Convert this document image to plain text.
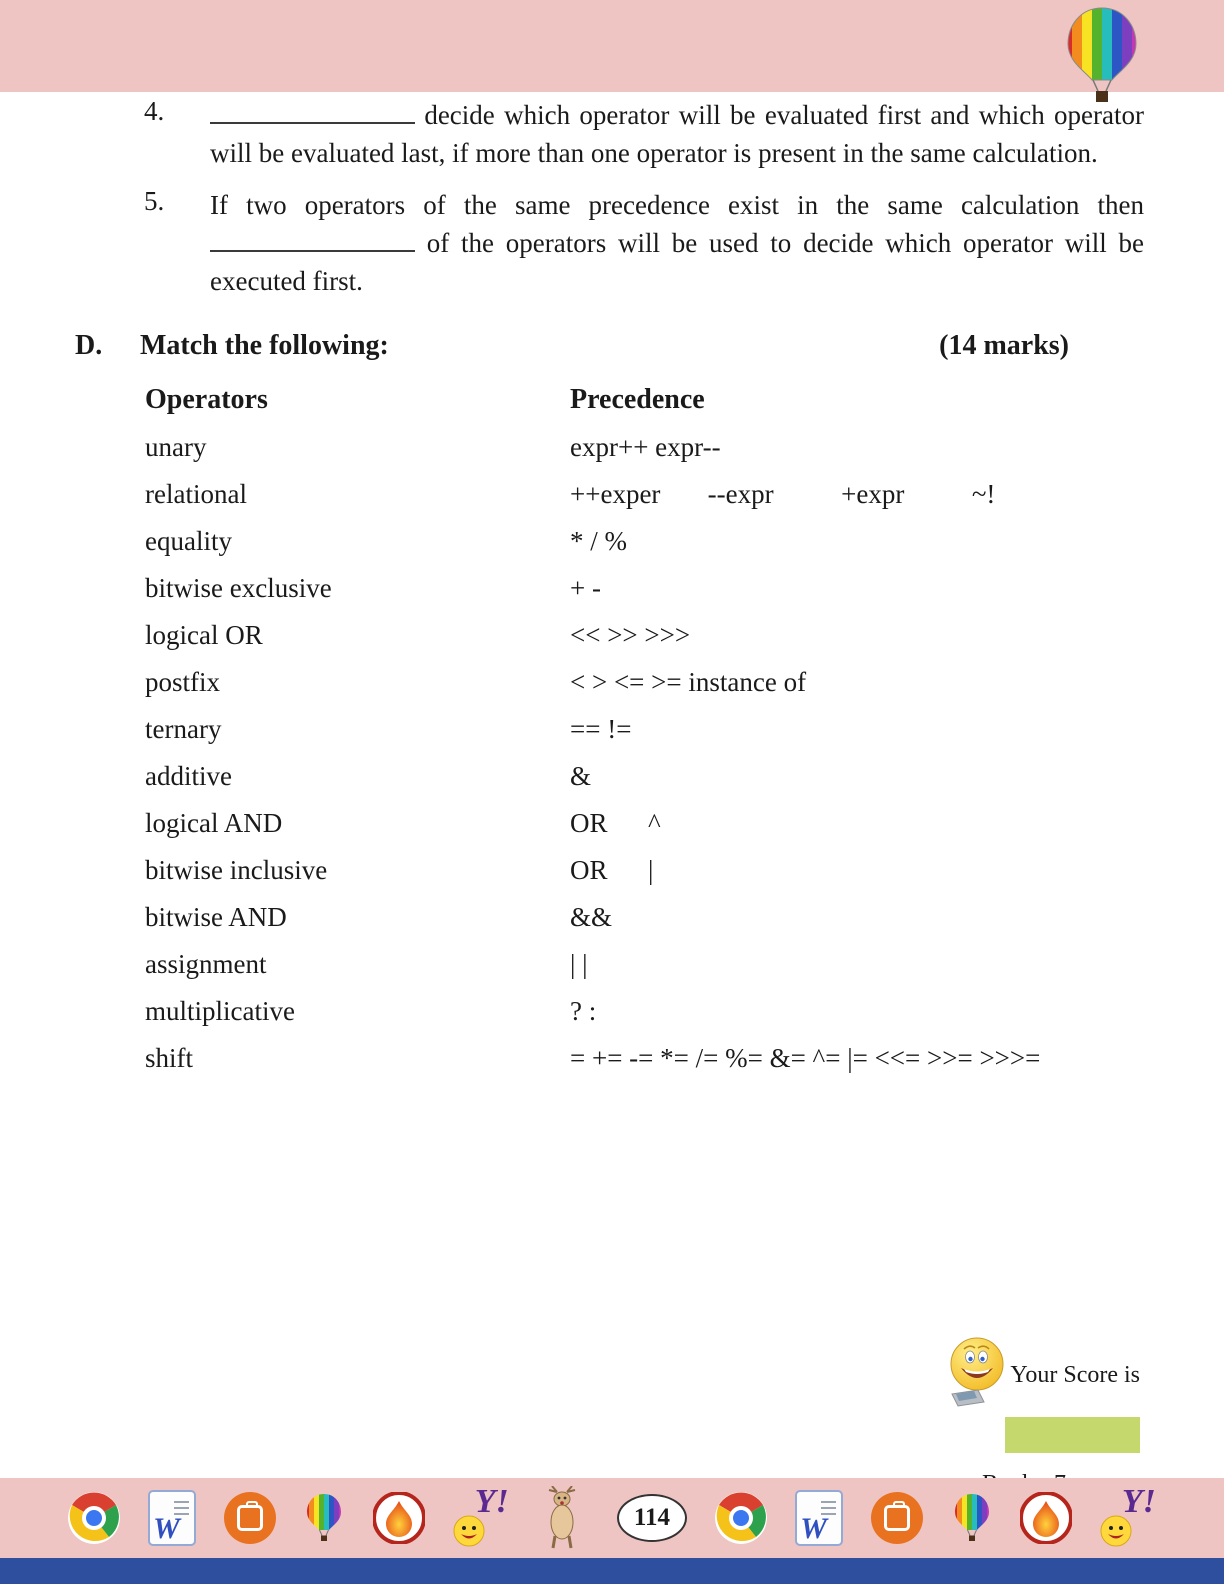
4.	decide which operator will be evaluated first and which operator will be evaluated last, if more than one operator is present in the same calculation.

5. If two operators of the same precedence exist in the same calculation then  of the operators will be used to decide which operator will be executed first.

D.	Match the following:	(14 marks)
Operators	Precedence
unary	expr++ expr--
relational	++exper       --expr          +expr          ~!
equality	* / %
bitwise exclusive	+ -
logical OR	<< >> >>>
postfix	< > <= >= instance of
ternary	== !=
additive	&
logical AND	OR      ^
bitwise inclusive	OR      |
bitwise AND	&&
assignment	| |
multiplicative	? :
shift	= += -= *= /= %= &= ^= |= <<= >>= >>>=
Your Score is
W
Y!	114 W	Y!
